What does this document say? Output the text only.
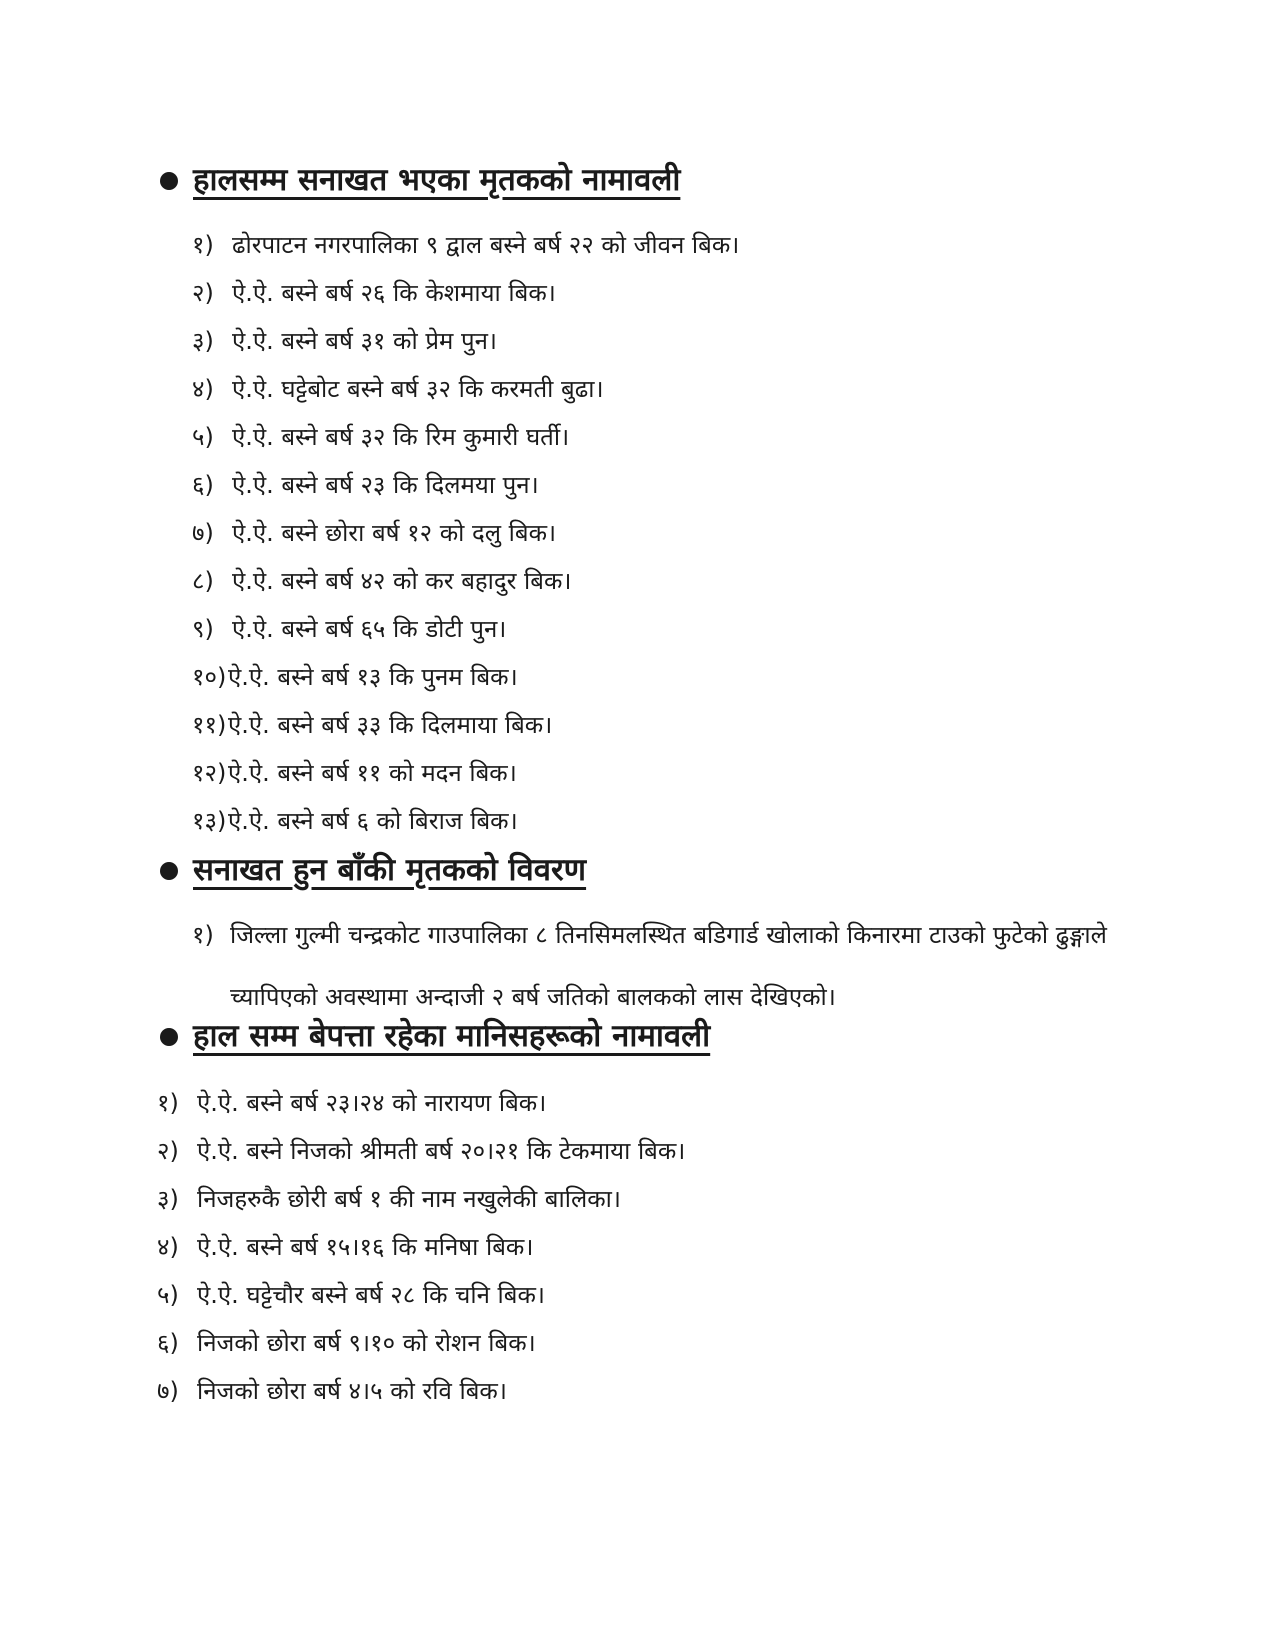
हालसम्म सनाखत भएका मृतकको नामावली
१) ढोरपाटन नगरपालिका ९ द्वाल बस्ने बर्ष २२ को जीवन बिक।
२) ऐ.ऐ. बस्ने बर्ष २६ कि केशमाया बिक।
३) ऐ.ऐ. बस्ने बर्ष ३१ को प्रेम पुन।
४) ऐ.ऐ. घट्टेबोट बस्ने बर्ष ३२ कि करमती बुढा।
५) ऐ.ऐ. बस्ने बर्ष ३२ कि रिम कुमारी घर्ती।
६) ऐ.ऐ. बस्ने बर्ष २३ कि दिलमया पुन।
७) ऐ.ऐ. बस्ने छोरा बर्ष १२ को दलु बिक।
८) ऐ.ऐ. बस्ने बर्ष ४२ को कर बहादुर बिक।
९) ऐ.ऐ. बस्ने बर्ष ६५ कि डोटी पुन।
१०)ऐ.ऐ. बस्ने बर्ष १३ कि पुनम बिक।
११)ऐ.ऐ. बस्ने बर्ष ३३ कि दिलमाया बिक।
१२)ऐ.ऐ. बस्ने बर्ष ११ को मदन बिक।
१३)ऐ.ऐ. बस्ने बर्ष ६ को बिराज बिक।
सनाखत हुन बाँकी मृतकको विवरण
१) जिल्ला गुल्मी चन्द्रकोट गाउपालिका ८ तिनसिमलस्थित बडिगार्ड खोलाको किनारमा टाउको फुटेको ढुङ्गाले च्यापिएको अवस्थामा अन्दाजी २ बर्ष जतिको बालकको लास देखिएको।
हाल सम्म बेपत्ता रहेका मानिसहरूको नामावली
१) ऐ.ऐ. बस्ने बर्ष २३।२४ को नारायण बिक।
२) ऐ.ऐ. बस्ने निजको श्रीमती बर्ष २०।२१ कि टेकमाया बिक।
३) निजहरुकै छोरी बर्ष १ की नाम नखुलेकी बालिका।
४) ऐ.ऐ. बस्ने बर्ष १५।१६ कि मनिषा बिक।
५) ऐ.ऐ. घट्टेचौर बस्ने बर्ष २८ कि चनि बिक।
६) निजको छोरा बर्ष ९।१० को रोशन बिक।
७) निजको छोरा बर्ष ४।५ को रवि बिक।
